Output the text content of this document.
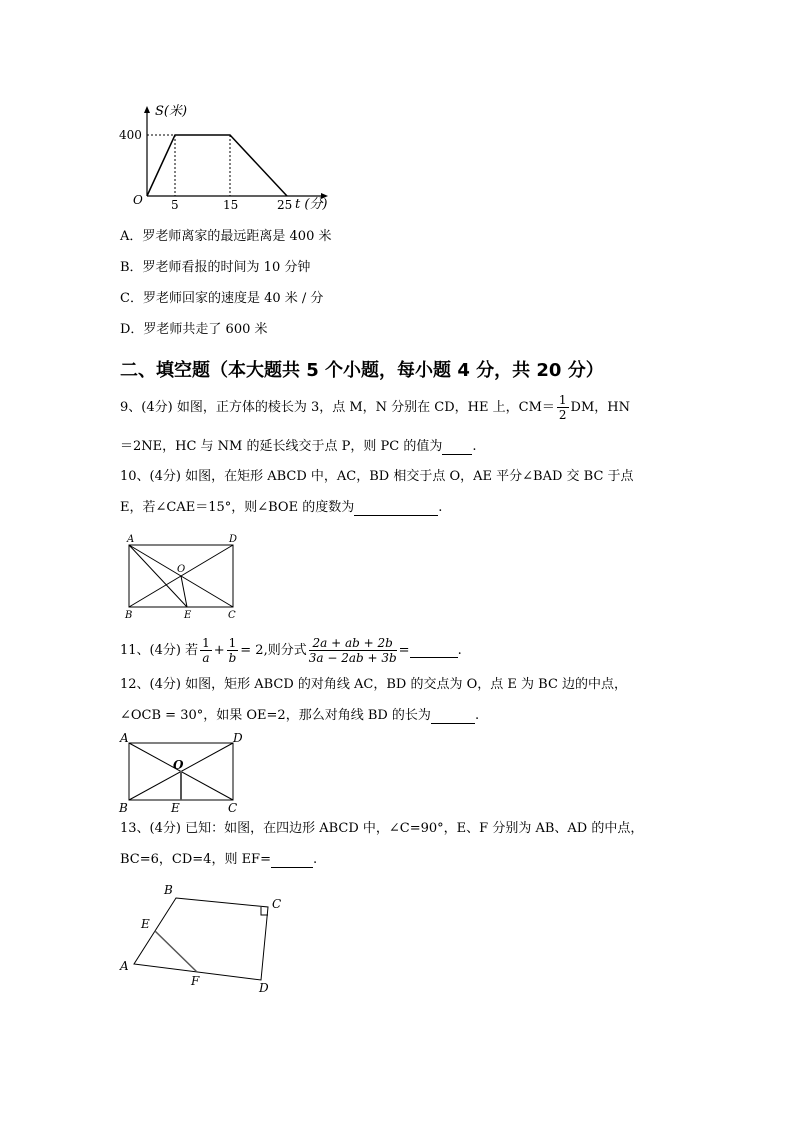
S(米)
400
O 5	15	25 t (分)
A．罗老师离家的最远距离是 400 米
B．罗老师看报的时间为 10 分钟
C．罗老师回家的速度是 40 米 / 分
D．罗老师共走了 600 米
二、填空题（本大题共 5 个小题，每小题 4 分，共 20 分）
9、(4分) 如图，正方体的棱长为 3，点 M，N 分别在 CD，HE 上，$CM= \frac{1}{2}$ DM，HN
＝2NE，HC 与 NM 的延长线交于点 P，则 PC 的值为 .
10、(4分) 如图，在矩形 ABCD 中，AC，BD 相交于点 O，AE 平分∠BAD 交 BC 于点
E，若∠CAE＝15°，则∠BOE 的度数为	.
A	D
O
B	E	C
11、(4分) 若 $\frac{1}{a} + \frac{1}{b} = 2$,则分式 $\frac{2a + ab + 2b}{3a - 2ab + 3b}$ =	.
12、(4分) 如图，矩形 ABCD 的对角线 AC，BD 的交点为 O，点 E 为 BC 边的中点，
∠OCB = 30°，如果 OE=2，那么对角线 BD 的长为	.
A	D
O
B	E	C
13、(4分) 已知：如图，在四边形 ABCD 中，∠C=90°，E、F 分别为 AB、AD 的中点，
BC=6，CD=4，则 EF=	.
B
C
E
A
F	D
